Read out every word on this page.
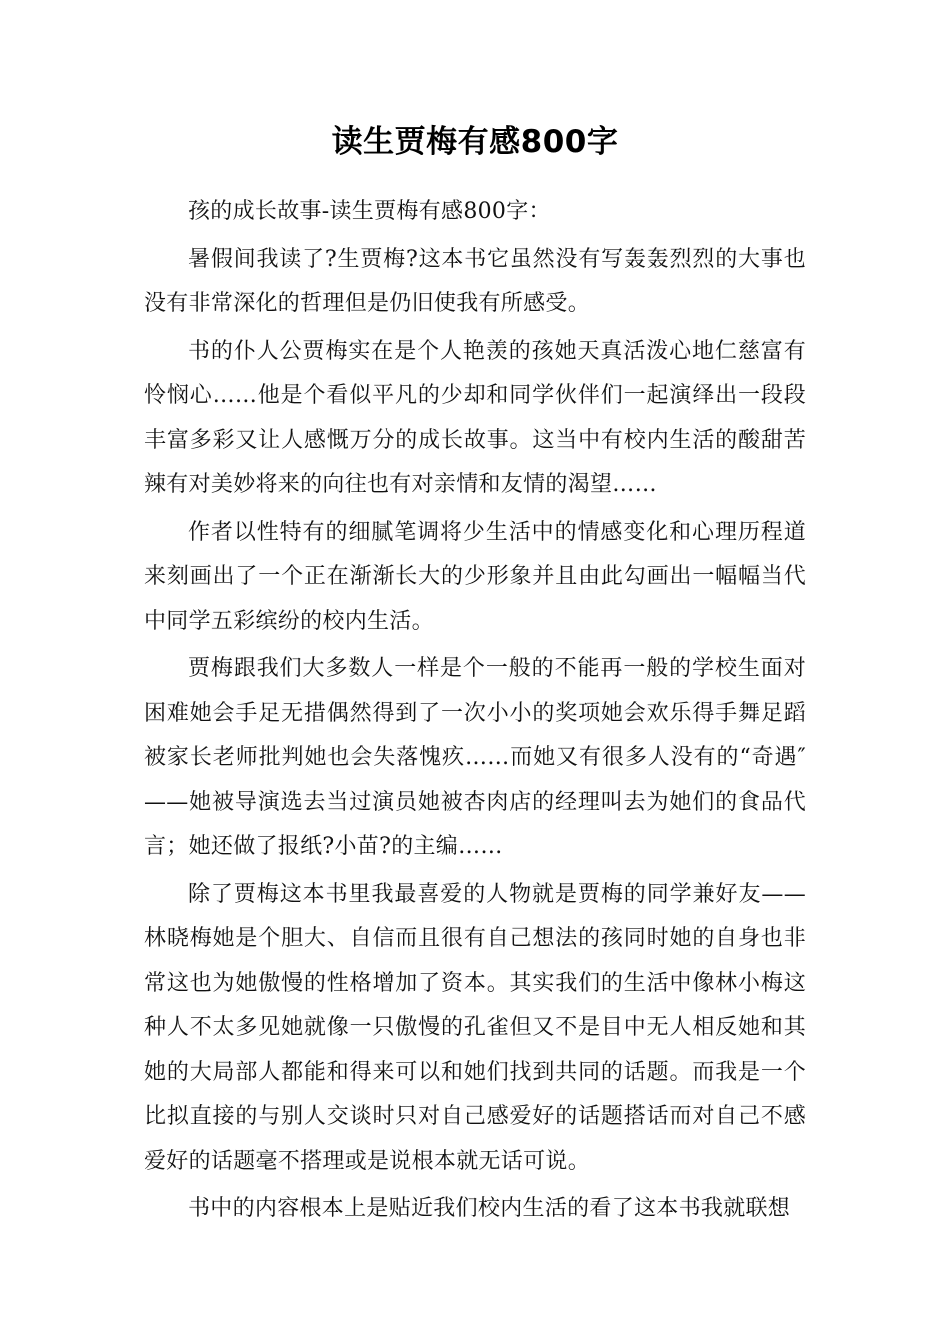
读生贾梅有感800字

孩的成长故事-读生贾梅有感800字：

暑假间我读了?生贾梅?这本书它虽然没有写轰轰烈烈的大事也没有非常深化的哲理但是仍旧使我有所感受。

书的仆人公贾梅实在是个人艳羡的孩她天真活泼心地仁慈富有怜悯心……他是个看似平凡的少却和同学伙伴们一起演绎出一段段丰富多彩又让人感慨万分的成长故事。这当中有校内生活的酸甜苦辣有对美妙将来的向往也有对亲情和友情的渴望……

作者以性特有的细腻笔调将少生活中的情感变化和心理历程道来刻画出了一个正在渐渐长大的少形象并且由此勾画出一幅幅当代中同学五彩缤纷的校内生活。

贾梅跟我们大多数人一样是个一般的不能再一般的学校生面对困难她会手足无措偶然得到了一次小小的奖项她会欢乐得手舞足蹈被家长老师批判她也会失落愧疚……而她又有很多人没有的“奇遇″——她被导演选去当过演员她被杏肉店的经理叫去为她们的食品代言；她还做了报纸?小苗?的主编……

除了贾梅这本书里我最喜爱的人物就是贾梅的同学兼好友——林晓梅她是个胆大、自信而且很有自己想法的孩同时她的自身也非常这也为她傲慢的性格增加了资本。其实我们的生活中像林小梅这种人不太多见她就像一只傲慢的孔雀但又不是目中无人相反她和其她的大局部人都能和得来可以和她们找到共同的话题。而我是一个比拟直接的与别人交谈时只对自己感爱好的话题搭话而对自己不感爱好的话题毫不搭理或是说根本就无话可说。

书中的内容根本上是贴近我们校内生活的看了这本书我就联想
